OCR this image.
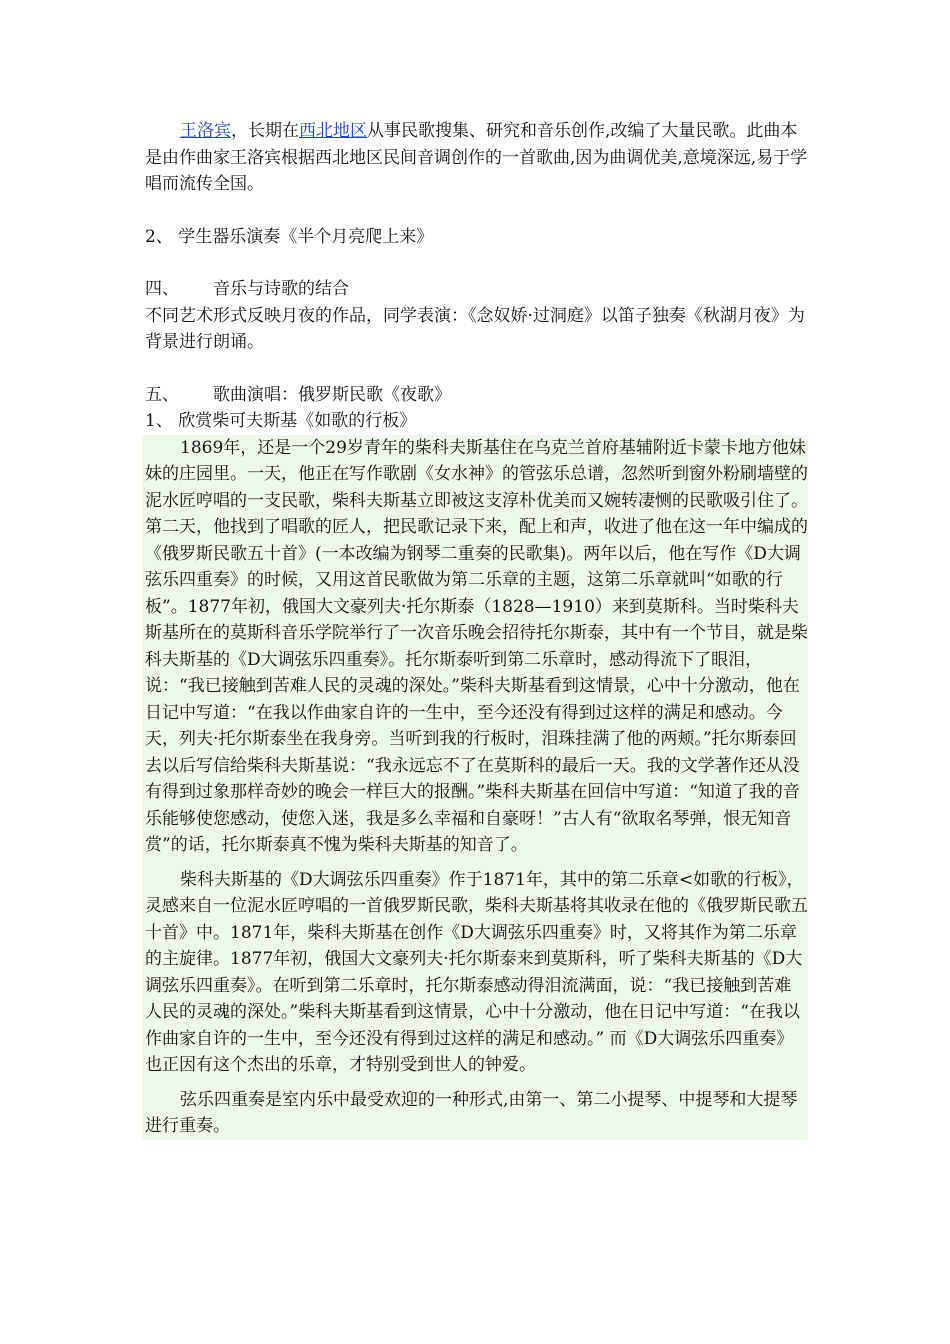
王洛宾，长期在西北地区从事民歌搜集、研究和音乐创作,改编了大量民歌。此曲本是由作曲家王洛宾根据西北地区民间音调创作的一首歌曲,因为曲调优美,意境深远,易于学唱而流传全国。

2、 学生器乐演奏《半个月亮爬上来》

四、 音乐与诗歌的结合

不同艺术形式反映月夜的作品，同学表演：《念奴娇·过洞庭》以笛子独奏《秋湖月夜》为背景进行朗诵。

五、 歌曲演唱：俄罗斯民歌《夜歌》

1、 欣赏柴可夫斯基《如歌的行板》

1869年，还是一个29岁青年的柴科夫斯基住在乌克兰首府基辅附近卡蒙卡地方他妹妹的庄园里。一天，他正在写作歌剧《女水神》的管弦乐总谱，忽然听到窗外粉刷墙壁的泥水匠哼唱的一支民歌，柴科夫斯基立即被这支淳朴优美而又婉转凄恻的民歌吸引住了。第二天，他找到了唱歌的匠人，把民歌记录下来，配上和声，收进了他在这一年中编成的《俄罗斯民歌五十首》(一本改编为钢琴二重奏的民歌集)。两年以后，他在写作《D大调弦乐四重奏》的时候，又用这首民歌做为第二乐章的主题，这第二乐章就叫“如歌的行板”。1877年初，俄国大文豪列夫·托尔斯泰（1828—1910）来到莫斯科。当时柴科夫斯基所在的莫斯科音乐学院举行了一次音乐晚会招待托尔斯泰，其中有一个节目，就是柴科夫斯基的《D大调弦乐四重奏》。托尔斯泰听到第二乐章时，感动得流下了眼泪，说：“我已接触到苦难人民的灵魂的深处。”柴科夫斯基看到这情景，心中十分激动，他在日记中写道：“在我以作曲家自许的一生中，至今还没有得到过这样的满足和感动。今天，列夫·托尔斯泰坐在我身旁。当听到我的行板时，泪珠挂满了他的两颊。”托尔斯泰回去以后写信给柴科夫斯基说：“我永远忘不了在莫斯科的最后一天。我的文学著作还从没有得到过象那样奇妙的晚会一样巨大的报酬。”柴科夫斯基在回信中写道：“知道了我的音乐能够使您感动，使您入迷，我是多么幸福和自豪呀！”古人有“欲取名琴弹，恨无知音赏”的话，托尔斯泰真不愧为柴科夫斯基的知音了。

柴科夫斯基的《D大调弦乐四重奏》作于1871年，其中的第二乐章<如歌的行板》，灵感来自一位泥水匠哼唱的一首俄罗斯民歌，柴科夫斯基将其收录在他的《俄罗斯民歌五十首》中。1871年，柴科夫斯基在创作《D大调弦乐四重奏》时，又将其作为第二乐章的主旋律。1877年初，俄国大文豪列夫·托尔斯泰来到莫斯科，听了柴科夫斯基的《D大调弦乐四重奏》。在听到第二乐章时，托尔斯泰感动得泪流满面，说：“我已接触到苦难人民的灵魂的深处。”柴科夫斯基看到这情景，心中十分激动，他在日记中写道：“在我以作曲家自许的一生中，至今还没有得到过这样的满足和感动。” 而《D大调弦乐四重奏》也正因有这个杰出的乐章，才特别受到世人的钟爱。

弦乐四重奏是室内乐中最受欢迎的一种形式,由第一、第二小提琴、中提琴和大提琴进行重奏。
